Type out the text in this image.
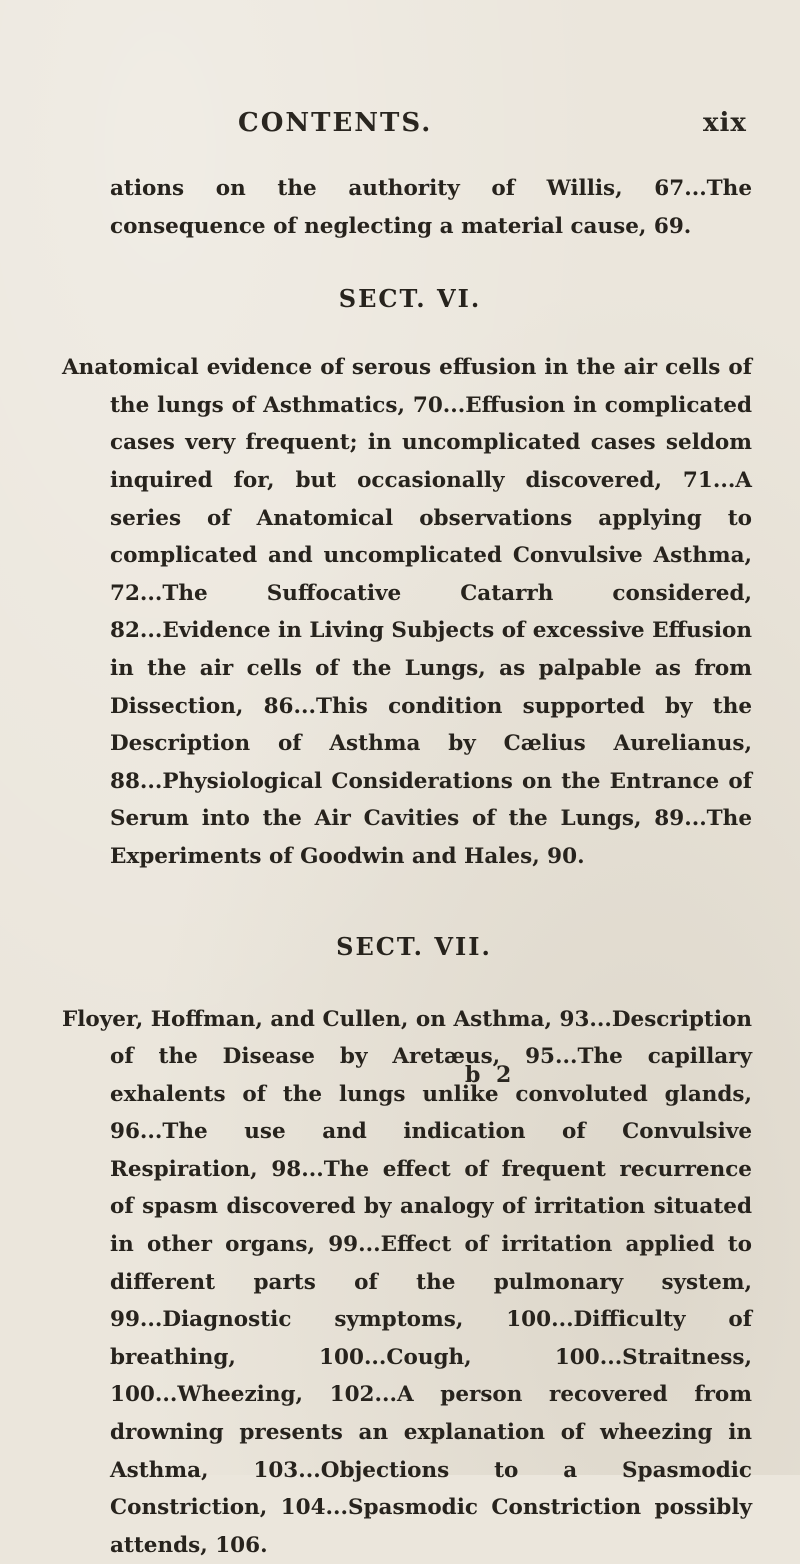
CONTENTS.	xix

ations on the authority of Willis, 67...The consequence of neglecting a material cause, 69.

SECT. VI.

Anatomical evidence of serous effusion in the air cells of the lungs of Asthmatics, 70...Effusion in complicated cases very frequent; in uncomplicated cases seldom inquired for, but occasionally discovered, 71...A series of Anatomical observations applying to complicated and uncomplicated Convulsive Asthma, 72...The Suffocative Catarrh considered, 82...Evidence in Living Subjects of excessive Effusion in the air cells of the Lungs, as palpable as from Dissection, 86...This condition supported by the Description of Asthma by Cælius Aurelianus, 88...Physiological Considerations on the Entrance of Serum into the Air Cavities of the Lungs, 89...The Experiments of Goodwin and Hales, 90.

SECT. VII.

Floyer, Hoffman, and Cullen, on Asthma, 93...Description of the Disease by Aretæus, 95...The capillary exhalents of the lungs unlike convoluted glands, 96...The use and indication of Convulsive Respiration, 98...The effect of frequent recurrence of spasm discovered by analogy of irritation situated in other organs, 99...Effect of irritation applied to different parts of the pulmonary system, 99...Diagnostic symptoms, 100...Difficulty of breathing, 100...Cough, 100...Straitness, 100...Wheezing, 102...A person recovered from drowning presents an explanation of wheezing in Asthma, 103...Objections to a Spasmodic Constriction, 104...Spasmodic Constriction possibly attends, 106.

b 2
